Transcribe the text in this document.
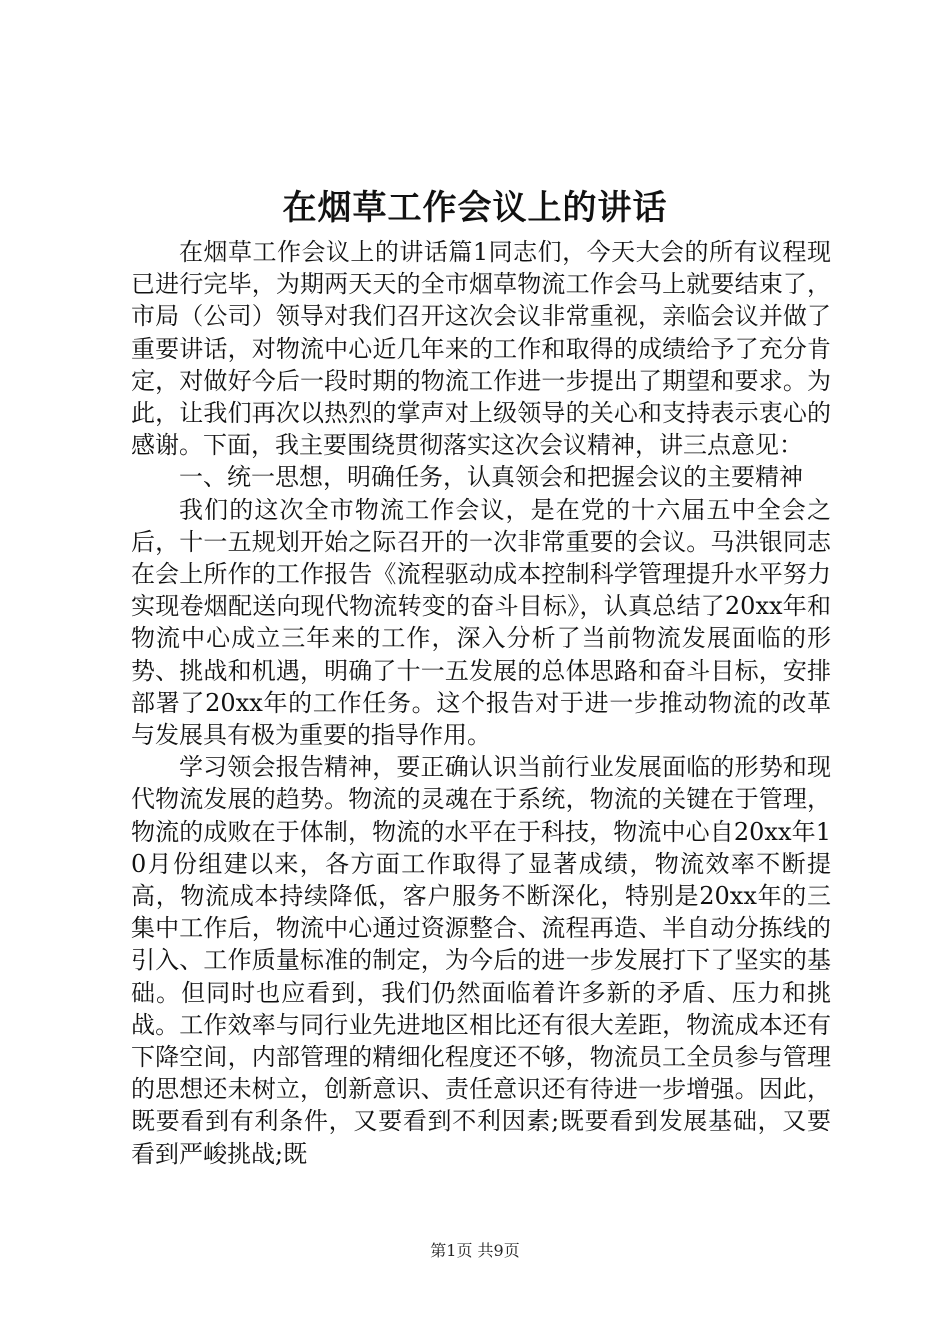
在烟草工作会议上的讲话

在烟草工作会议上的讲话篇1同志们，今天大会的所有议程现已进行完毕，为期两天天的全市烟草物流工作会马上就要结束了，市局（公司）领导对我们召开这次会议非常重视，亲临会议并做了重要讲话，对物流中心近几年来的工作和取得的成绩给予了充分肯定，对做好今后一段时期的物流工作进一步提出了期望和要求。为此，让我们再次以热烈的掌声对上级领导的关心和支持表示衷心的感谢。下面，我主要围绕贯彻落实这次会议精神，讲三点意见：

一、统一思想，明确任务，认真领会和把握会议的主要精神

我们的这次全市物流工作会议，是在党的十六届五中全会之后，十一五规划开始之际召开的一次非常重要的会议。马洪银同志在会上所作的工作报告《流程驱动成本控制科学管理提升水平努力实现卷烟配送向现代物流转变的奋斗目标》，认真总结了20xx年和物流中心成立三年来的工作，深入分析了当前物流发展面临的形势、挑战和机遇，明确了十一五发展的总体思路和奋斗目标，安排部署了20xx年的工作任务。这个报告对于进一步推动物流的改革与发展具有极为重要的指导作用。

学习领会报告精神，要正确认识当前行业发展面临的形势和现代物流发展的趋势。物流的灵魂在于系统，物流的关键在于管理，物流的成败在于体制，物流的水平在于科技，物流中心自20xx年10月份组建以来，各方面工作取得了显著成绩，物流效率不断提高，物流成本持续降低，客户服务不断深化，特别是20xx年的三集中工作后，物流中心通过资源整合、流程再造、半自动分拣线的引入、工作质量标准的制定，为今后的进一步发展打下了坚实的基础。但同时也应看到，我们仍然面临着许多新的矛盾、压力和挑战。工作效率与同行业先进地区相比还有很大差距，物流成本还有下降空间，内部管理的精细化程度还不够，物流员工全员参与管理的思想还未树立，创新意识、责任意识还有待进一步增强。因此，既要看到有利条件，又要看到不利因素;既要看到发展基础，又要看到严峻挑战;既

第1页 共9页
